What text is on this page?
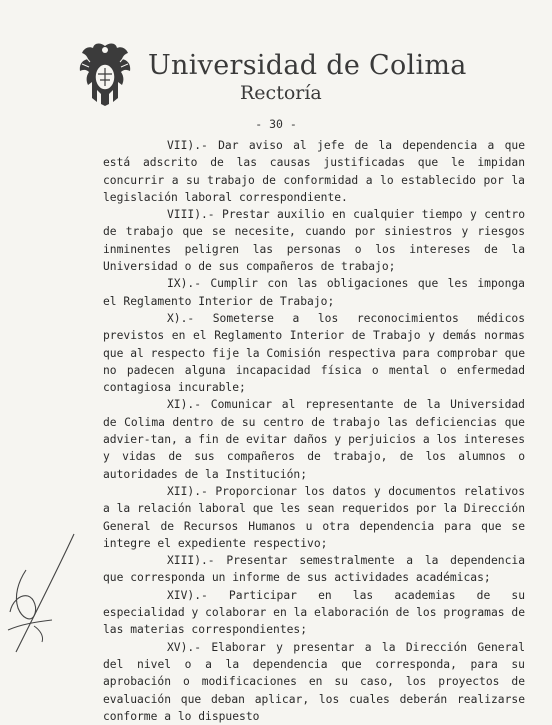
Universidad de Colima
Rectoría
- 30 -

VII).- Dar aviso al jefe de la dependencia a que está adscrito de las causas justificadas que le impidan concurrir a su trabajo de conformidad a lo establecido por la legislación laboral correspondiente.

VIII).- Prestar auxilio en cualquier tiempo y centro de trabajo que se necesite, cuando por siniestros y riesgos inminentes peligren las personas o los intereses de la Universidad o de sus compañeros de trabajo;

IX).- Cumplir con las obligaciones que les imponga el Reglamento Interior de Trabajo;

X).- Someterse a los reconocimientos médicos previstos en el Reglamento Interior de Trabajo y demás normas que al respecto fije la Comisión respectiva para comprobar que no padecen alguna incapacidad física o mental o enfermedad contagiosa incurable;

XI).- Comunicar al representante de la Universidad de Colima dentro de su centro de trabajo las deficiencias que advier-tan, a fin de evitar daños y perjuicios a los intereses y vidas de sus compañeros de trabajo, de los alumnos o autoridades de la Institución;

XII).- Proporcionar los datos y documentos relativos a la relación laboral que les sean requeridos por la Dirección General de Recursos Humanos u otra dependencia para que se integre el expediente respectivo;

XIII).- Presentar semestralmente a la dependencia que corresponda un informe de sus actividades académicas;

XIV).- Participar en las academias de su especialidad y colaborar en la elaboración de los programas de las materias correspondientes;

XV).- Elaborar y presentar a la Dirección General del nivel o a la dependencia que corresponda, para su aprobación o modificaciones en su caso, los proyectos de evaluación que deban aplicar, los cuales deberán realizarse conforme a lo dispuesto
